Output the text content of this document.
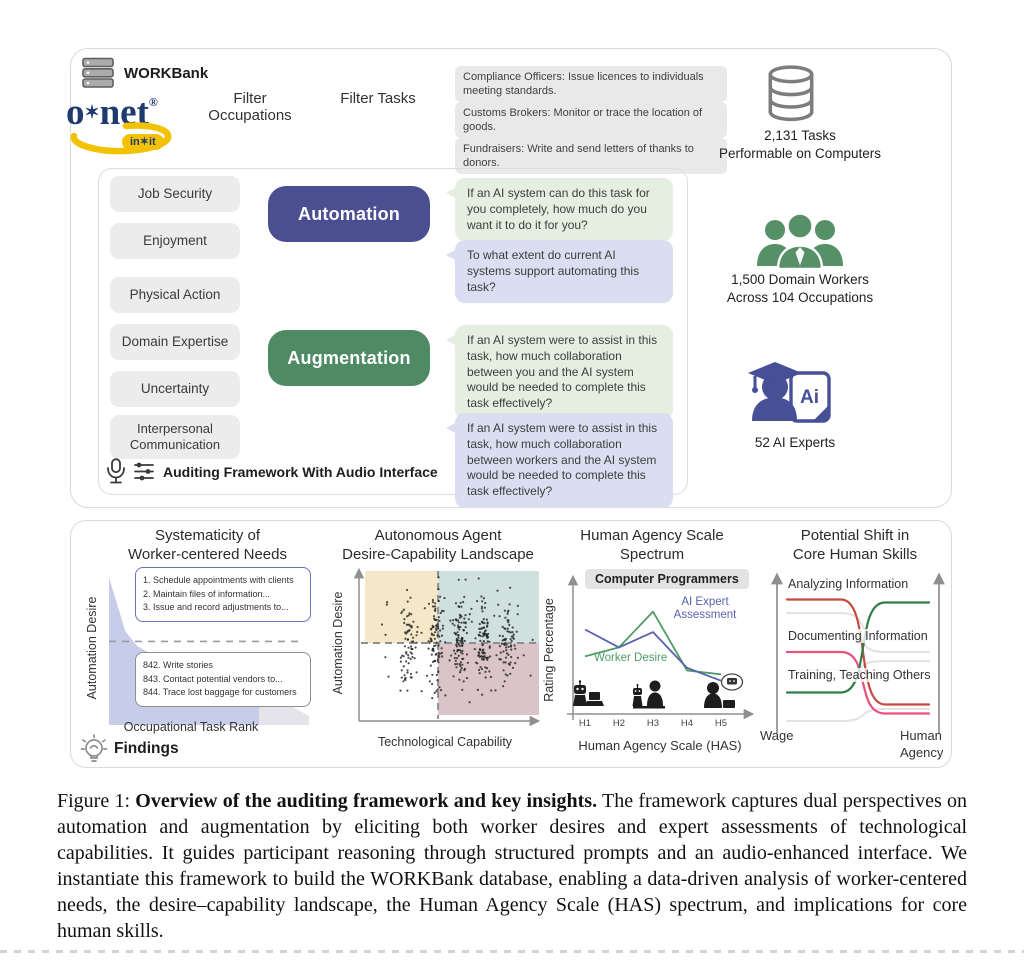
WORKBank
o✶net®
in✶it
Filter Occupations
Filter Tasks
Compliance Officers: Issue licences to individuals meeting standards.
Customs Brokers: Monitor or trace the location of goods.
Fundraisers: Write and send letters of thanks to donors.
Job Security
Enjoyment
Physical Action
Domain Expertise
Uncertainty
Interpersonal Communication
Automation
Augmentation
If an AI system can do this task for you completely, how much do you want it to do it for you?
To what extent do current AI systems support automating this task?
If an AI system were to assist in this task, how much collaboration between you and the AI system would be needed to complete this task effectively?
If an AI system were to assist in this task, how much collaboration between workers and the AI system would be needed to complete this task effectively?
Auditing Framework With Audio Interface
2,131 Tasks
Performable on Computers
1,500 Domain Workers
Across 104 Occupations
Ai
52 AI Experts
Systematicity of
Worker-centered Needs
Automation Desire
1. Schedule appointments with clients
2. Maintain files of information...
3. Issue and record adjustments to...
842. Write stories
843. Contact potential vendors to...
844. Trace lost baggage for customers
Occupational Task Rank
Findings
Autonomous Agent
Desire-Capability Landscape
Automation Desire
Technological Capability
Human Agency Scale
Spectrum
Computer Programmers
Rating Percentage
H1 H2 H3 H4 H5
Worker Desire
AI Expert Assessment
Human Agency Scale (HAS)
Potential Shift in
Core Human Skills
Analyzing Information
Documenting Information
Training, Teaching Others
Wage	Human
Agency
Figure 1: Overview of the auditing framework and key insights. The framework captures dual perspectives on automation and augmentation by eliciting both worker desires and expert assessments of technological capabilities. It guides participant reasoning through structured prompts and an audio-enhanced interface. We instantiate this framework to build the WORKBank database, enabling a data-driven analysis of worker-centered needs, the desire–capability landscape, the Human Agency Scale (HAS) spectrum, and implications for core human skills.
